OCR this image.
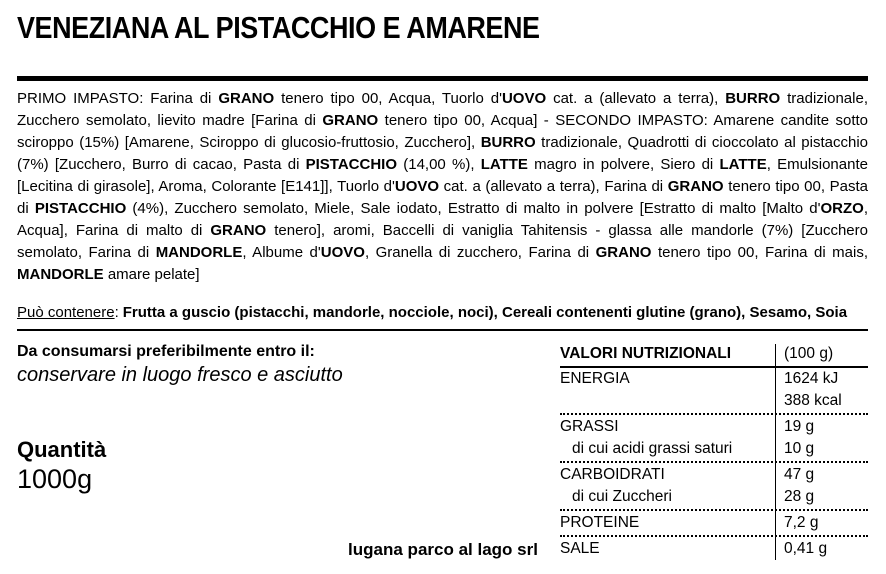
VENEZIANA AL PISTACCHIO E AMARENE

PRIMO IMPASTO: Farina di GRANO tenero tipo 00, Acqua, Tuorlo d'UOVO cat. a (allevato a terra), BURRO tradizionale, Zucchero semolato, lievito madre [Farina di GRANO tenero tipo 00, Acqua] - SECONDO IMPASTO: Amarene candite sotto sciroppo (15%) [Amarene, Sciroppo di glucosio-fruttosio, Zucchero], BURRO tradizionale, Quadrotti di cioccolato al pistacchio (7%) [Zucchero, Burro di cacao, Pasta di PISTACCHIO (14,00 %), LATTE magro in polvere, Siero di LATTE, Emulsionante [Lecitina di girasole], Aroma, Colorante [E141]], Tuorlo d'UOVO cat. a (allevato a terra), Farina di GRANO tenero tipo 00, Pasta di PISTACCHIO (4%), Zucchero semolato, Miele, Sale iodato, Estratto di malto in polvere [Estratto di malto [Malto d'ORZO, Acqua], Farina di malto di GRANO tenero], aromi, Baccelli di vaniglia Tahitensis - glassa alle mandorle (7%) [Zucchero semolato, Farina di MANDORLE, Albume d'UOVO, Granella di zucchero, Farina di GRANO tenero tipo 00, Farina di mais, MANDORLE amare pelate]

Può contenere: Frutta a guscio (pistacchi, mandorle, nocciole, noci), Cereali contenenti glutine (grano), Sesamo, Soia

Da consumarsi preferibilmente entro il:
conservare in luogo fresco e asciutto
Quantità
1000g
lugana parco al lago srl
VALORI NUTRIZIONALI	(100 g)
ENERGIA	1624 kJ
388 kcal
GRASSI	19 g
di cui acidi grassi saturi	10 g
CARBOIDRATI	47 g
di cui Zuccheri	28 g
PROTEINE	7,2 g
SALE	0,41 g
